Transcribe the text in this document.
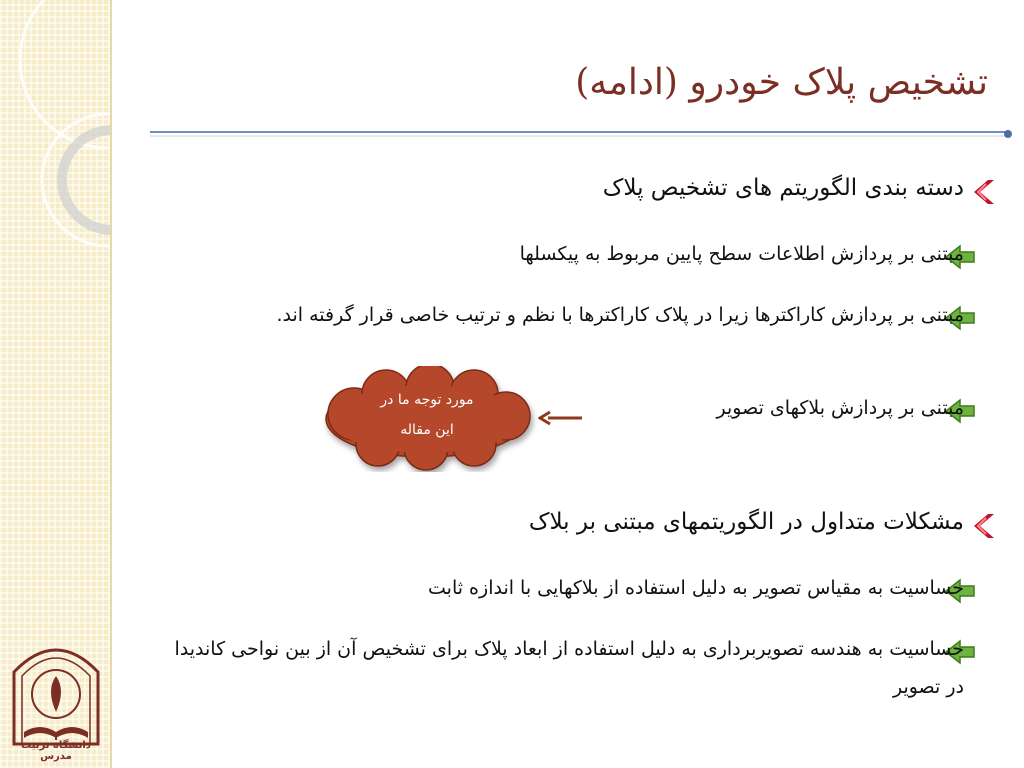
دانشگاه تربیت مدرس
تشخیص پلاک خودرو (ادامه)
دسته بندی الگوریتم های تشخیص پلاک
مبتنی بر پردازش اطلاعات سطح پایین مربوط به پیکسلها
مبتنی بر پردازش کاراکترها زیرا در پلاک کاراکترها با نظم و ترتیب خاصی قرار گرفته اند.
مبتنی بر پردازش بلاکهای تصویر
مورد توجه ما در
این مقاله
مشکلات متداول در الگوریتمهای مبتنی بر بلاک
حساسیت به مقیاس تصویر به دلیل استفاده از بلاکهایی با اندازه ثابت
حساسیت به هندسه تصویربرداری به دلیل استفاده از ابعاد پلاک برای تشخیص آن از بین نواحی کاندیدا در تصویر
